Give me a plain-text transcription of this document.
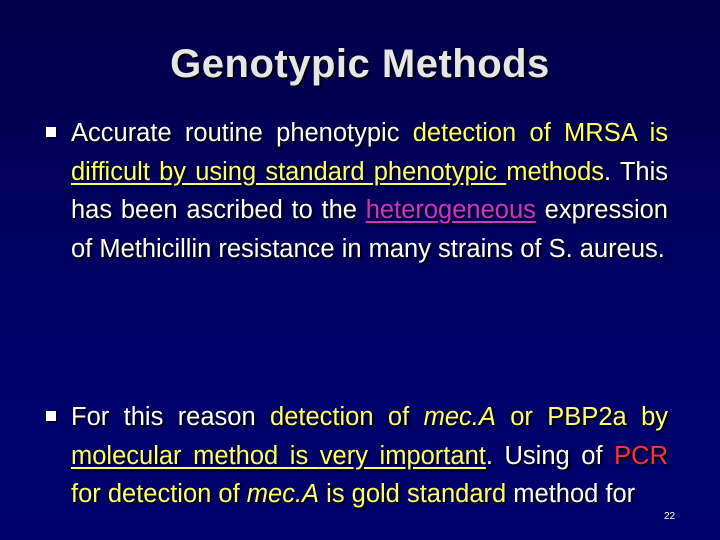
Genotypic Methods
Accurate routine phenotypic detection of MRSA is difficult by using standard phenotypic methods. This has been ascribed to the heterogeneous expression of Methicillin resistance in many strains of S. aureus.
For this reason detection of mec.A or PBP2a by molecular method is very important. Using of PCR for detection of mec.A is gold standard method for
22
